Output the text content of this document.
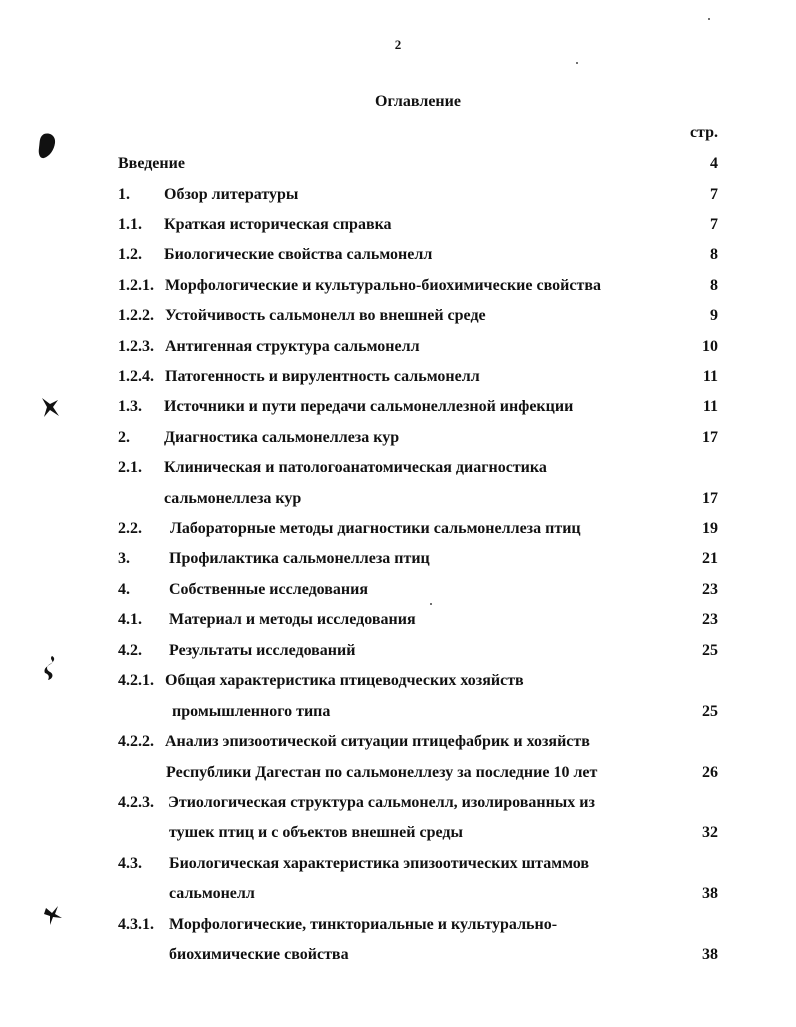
2
Оглавление
стр.
Введение	4
1. Обзор литературы	7
1.1. Краткая историческая справка	7
1.2. Биологические свойства сальмонелл	8
1.2.1. Морфологические и культурально-биохимические свойства	8
1.2.2. Устойчивость сальмонелл во внешней среде	9
1.2.3. Антигенная структура сальмонелл	10
1.2.4. Патогенность и вирулентность сальмонелл	11
1.3. Источники и пути передачи сальмонеллезной инфекции	11
2. Диагностика сальмонеллеза кур	17
2.1. Клиническая и патологоанатомическая диагностика
сальмонеллеза кур	17
2.2. Лабораторные методы диагностики сальмонеллеза птиц	19
3. Профилактика сальмонеллеза птиц	21
4. Собственные исследования	23
4.1. Материал и методы исследования	23
4.2. Результаты исследований	25
4.2.1. Общая характеристика птицеводческих хозяйств
промышленного типа	25
4.2.2. Анализ эпизоотической ситуации птицефабрик и хозяйств
Республики Дагестан по сальмонеллезу за последние 10 лет	26
4.2.3. Этиологическая структура сальмонелл, изолированных из
тушек птиц и с объектов внешней среды	32
4.3. Биологическая характеристика эпизоотических штаммов
сальмонелл	38
4.3.1. Морфологические, тинкториальные и культурально-
биохимические свойства	38
